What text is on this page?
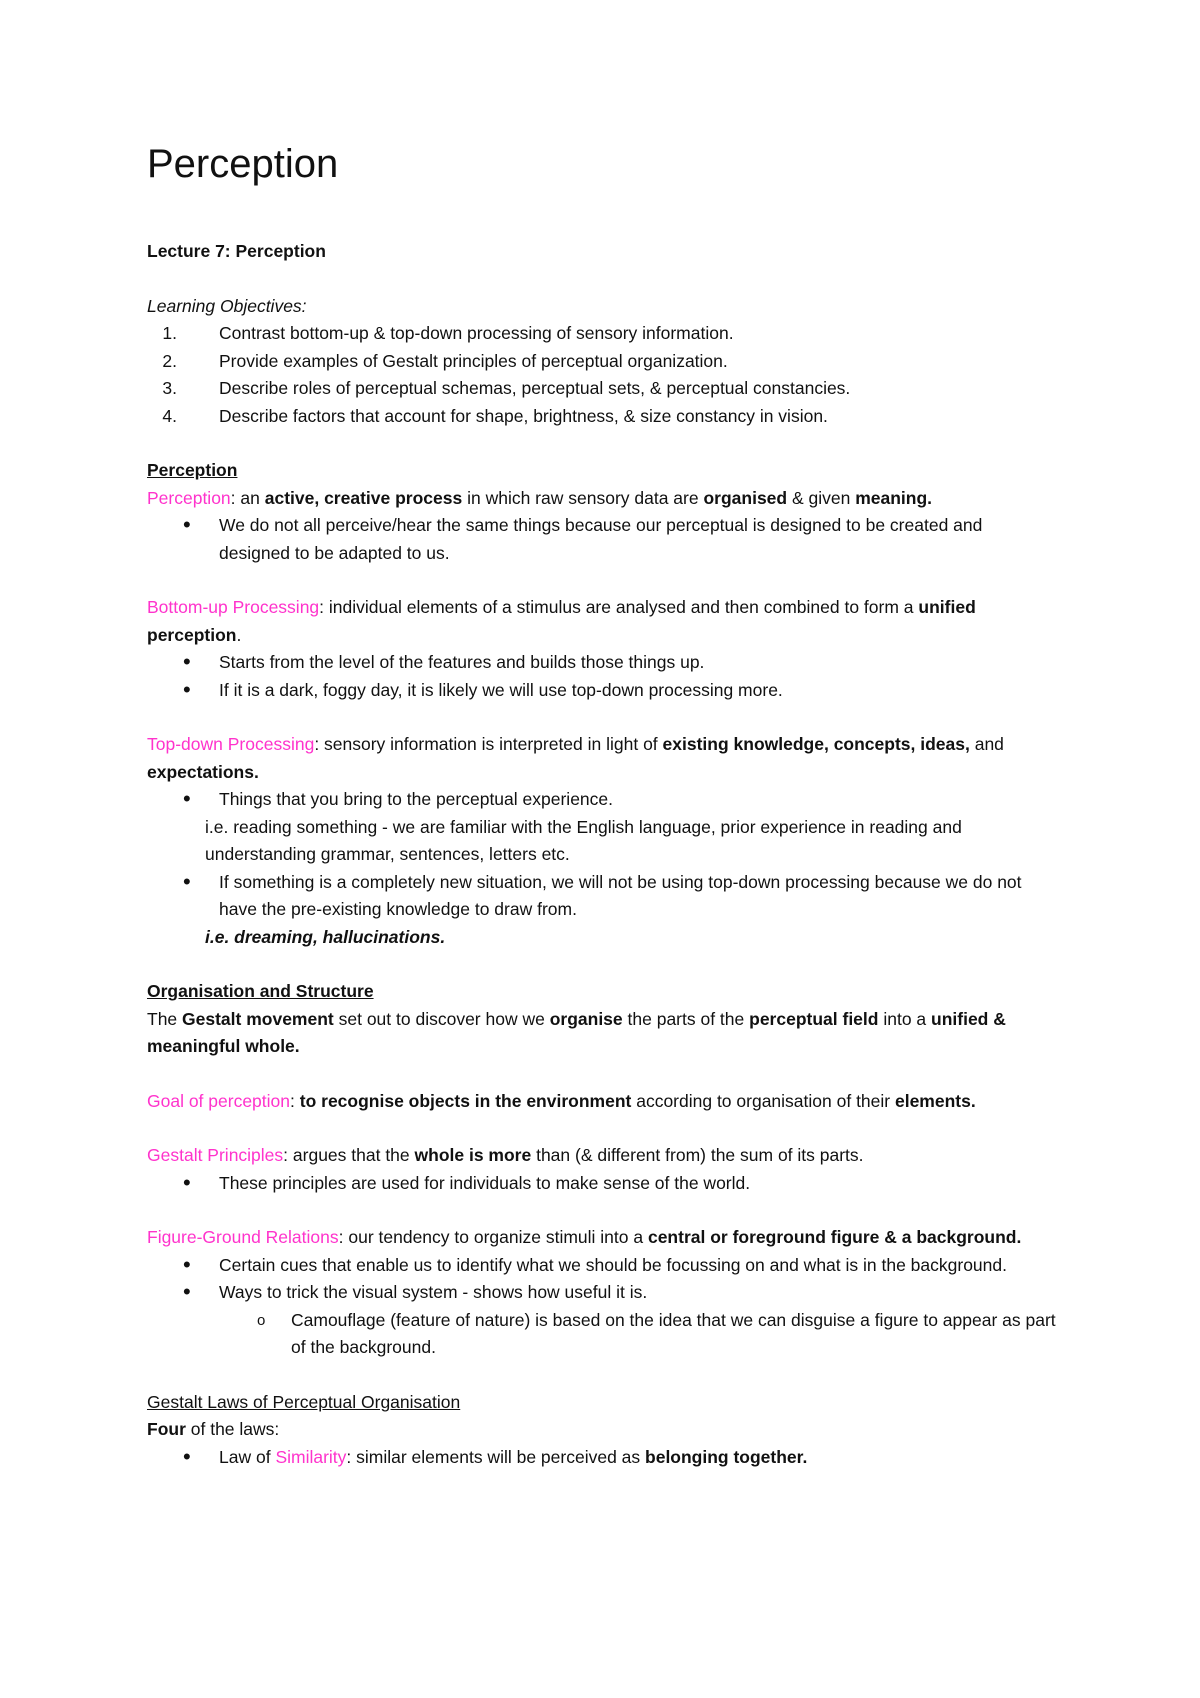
Perception

Lecture 7: Perception

Learning Objectives:

1. Contrast bottom-up & top-down processing of sensory information.
2. Provide examples of Gestalt principles of perceptual organization.
3. Describe roles of perceptual schemas, perceptual sets, & perceptual constancies.
4. Describe factors that account for shape, brightness, & size constancy in vision.

Perception

Perception: an active, creative process in which raw sensory data are organised & given meaning.

• We do not all perceive/hear the same things because our perceptual is designed to be created and designed to be adapted to us.

Bottom-up Processing: individual elements of a stimulus are analysed and then combined to form a unified perception.

• Starts from the level of the features and builds those things up.
• If it is a dark, foggy day, it is likely we will use top-down processing more.

Top-down Processing: sensory information is interpreted in light of existing knowledge, concepts, ideas, and expectations.

• Things that you bring to the perceptual experience.

i.e. reading something - we are familiar with the English language, prior experience in reading and understanding grammar, sentences, letters etc.

• If something is a completely new situation, we will not be using top-down processing because we do not have the pre-existing knowledge to draw from.

i.e. dreaming, hallucinations.

Organisation and Structure

The Gestalt movement set out to discover how we organise the parts of the perceptual field into a unified & meaningful whole.

Goal of perception: to recognise objects in the environment according to organisation of their elements.

Gestalt Principles: argues that the whole is more than (& different from) the sum of its parts.

• These principles are used for individuals to make sense of the world.

Figure-Ground Relations: our tendency to organize stimuli into a central or foreground figure & a background.

• Certain cues that enable us to identify what we should be focussing on and what is in the background.
• Ways to trick the visual system - shows how useful it is.
o Camouflage (feature of nature) is based on the idea that we can disguise a figure to appear as part of the background.

Gestalt Laws of Perceptual Organisation

Four of the laws:

• Law of Similarity: similar elements will be perceived as belonging together.
